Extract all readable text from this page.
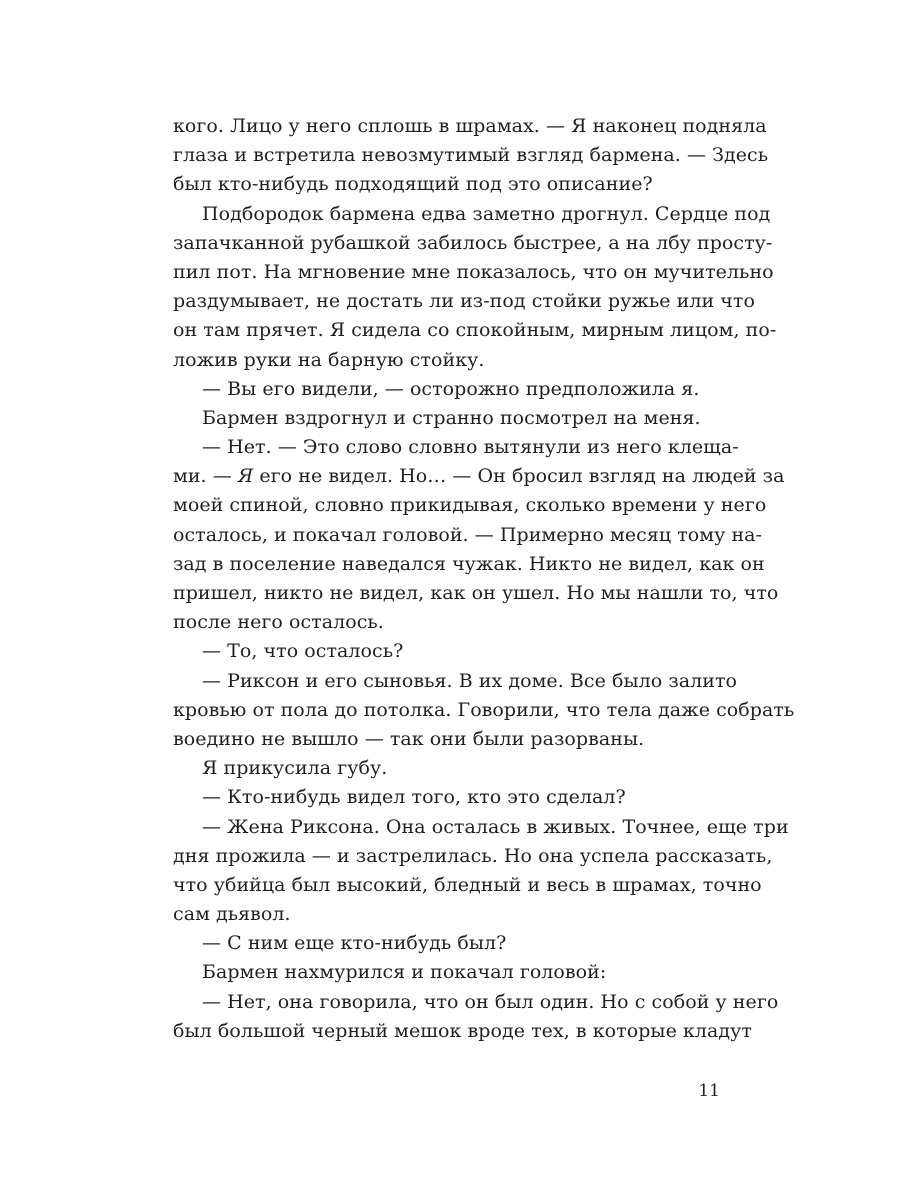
кого. Лицо у него сплошь в шрамах. — Я наконец подняла
глаза и встретила невозмутимый взгляд бармена. — Здесь
был кто-нибудь подходящий под это описание?
Подбородок бармена едва заметно дрогнул. Сердце под
запачканной рубашкой забилось быстрее, а на лбу просту-
пил пот. На мгновение мне показалось, что он мучительно
раздумывает, не достать ли из-под стойки ружье или что
он там прячет. Я сидела со спокойным, мирным лицом, по-
ложив руки на барную стойку.
— Вы его видели, — осторожно предположила я.
Бармен вздрогнул и странно посмотрел на меня.
— Нет. — Это слово словно вытянули из него клеща-
ми. — Я его не видел. Но… — Он бросил взгляд на людей за
моей спиной, словно прикидывая, сколько времени у него
осталось, и покачал головой. — Примерно месяц тому на-
зад в поселение наведался чужак. Никто не видел, как он
пришел, никто не видел, как он ушел. Но мы нашли то, что
после него осталось.
— То, что осталось?
— Риксон и его сыновья. В их доме. Все было залито
кровью от пола до потолка. Говорили, что тела даже собрать
воедино не вышло — так они были разорваны.
Я прикусила губу.
— Кто-нибудь видел того, кто это сделал?
— Жена Риксона. Она осталась в живых. Точнее, еще три
дня прожила — и застрелилась. Но она успела рассказать,
что убийца был высокий, бледный и весь в шрамах, точно
сам дьявол.
— С ним еще кто-нибудь был?
Бармен нахмурился и покачал головой:
— Нет, она говорила, что он был один. Но с собой у него
был большой черный мешок вроде тех, в которые кладут
11
